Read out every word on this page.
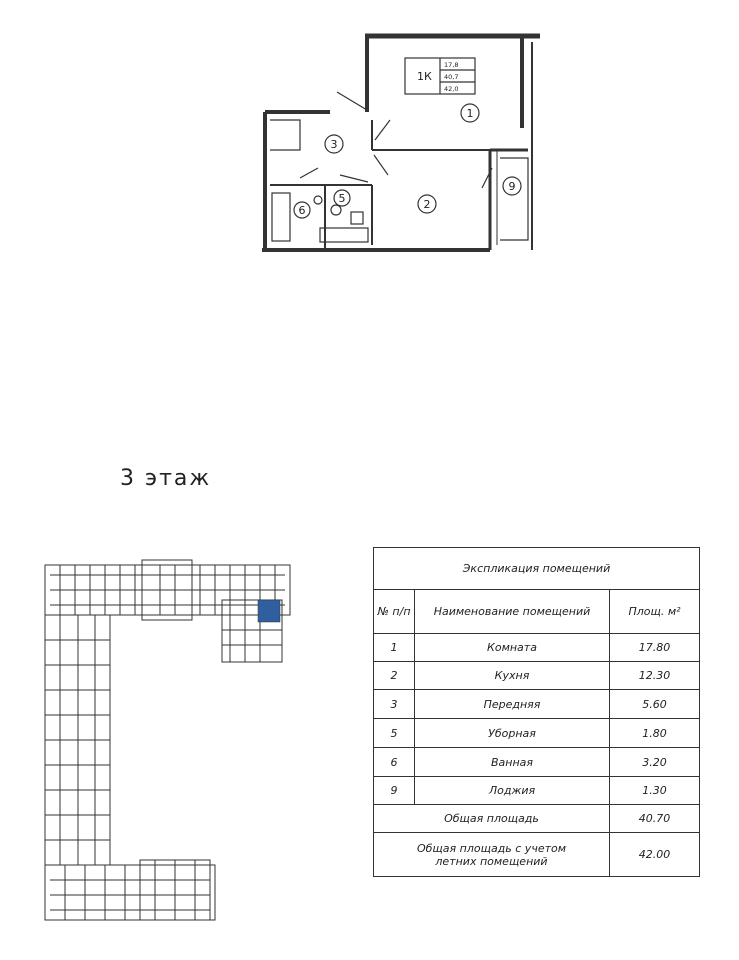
1К
17,8
40,7
42,0
1
2
3
5
6
9
3 этаж
Экспликация помещений		
№ п/п	Наименование помещений	Площ. м²
1	Комната	17.80
2	Кухня	12.30
3	Передняя	5.60
5	Уборная	1.80
6	Ванная	3.20
9	Лоджия	1.30
Общая площадь		40.70
Общая площадь с учетом летних помещений		42.00
